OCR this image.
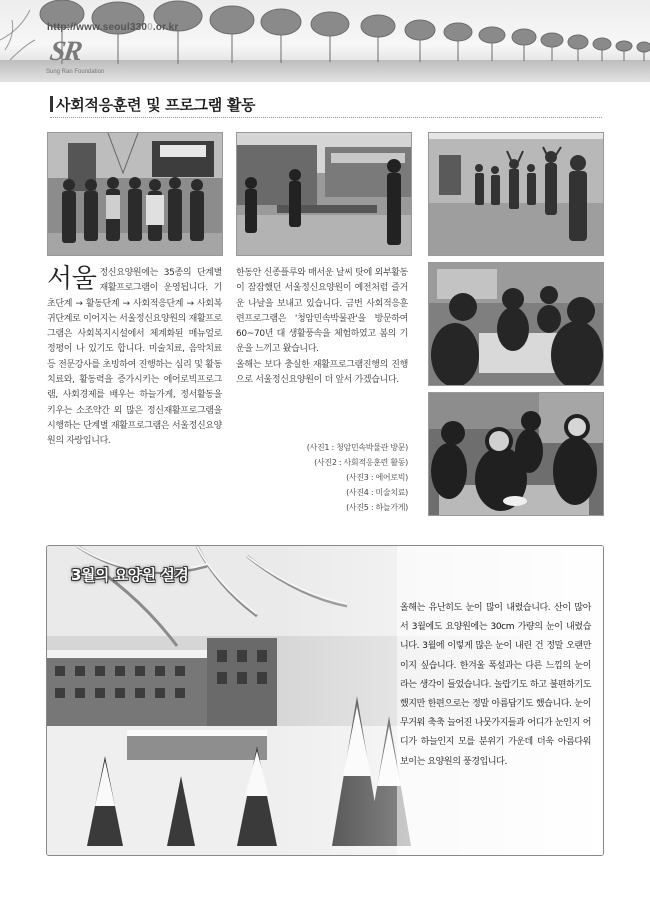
http://www.seoul3300.or.kr
SR
Sung Ran Foundation
사회적응훈련 및 프로그램 활동
서울 정신요양원에는 35종의 단계별 재활프로그램이 운영됩니다. 기초단계 → 활동단계 → 사회적응단계 → 사회복귀단계로 이어지는 서울정신요양원의 재활프로그램은 사회복지시설에서 체계화된 매뉴얼로 정평이 나 있기도 합니다. 미술치료, 음악치료 등 전문강사를 초빙하여 진행하는 심리 및 활동치료와, 활동력을 증가시키는 에어로빅프로그램, 사회경제를 배우는 하늘가게, 정서활동을 키우는 소조약간 외 많은 정신재활프로그램을 시행하는 단계별 재활프로그램은 서울정신요양원의 자랑입니다.
한동안 신종플루와 매서운 날씨 탓에 외부활동이 잠잠했던 서울정신요양원이 예전처럼 즐거운 나날을 보내고 있습니다. 금번 사회적응훈련프로그램은 '청암민속박물관'을 방문하여 60~70년 대 생활풍속을 체험하였고 봄의 기운을 느끼고 왔습니다.
올해는 보다 충실한 재활프로그램진행의 진행으로 서울정신요양원이 더 앞서 가겠습니다.
(사진1 : 청암민속박물관 방문)
(사진2 : 사회적응훈련 활동)
(사진3 : 에어로빅)
(사진4 : 미술치료)
(사진5 : 하늘가게)
3월의 요양원 설경
올해는 유난히도 눈이 많이 내렸습니다. 산이 많아서 3월에도 요양원에는 30cm 가량의 눈이 내렸습니다. 3월에 이렇게 많은 눈이 내린 건 정말 오랜만이지 싶습니다. 한겨울 폭설과는 다른 느낌의 눈이라는 생각이 들었습니다. 놀랍기도 하고 불편하기도 했지만 한편으로는 정말 아름답기도 했습니다. 눈이 무거워 축축 늘어진 나뭇가지들과 어디가 눈인지 어디가 하늘인지 모를 분위기 가운데 더욱 아름다워 보이는 요양원의 풍경입니다.
